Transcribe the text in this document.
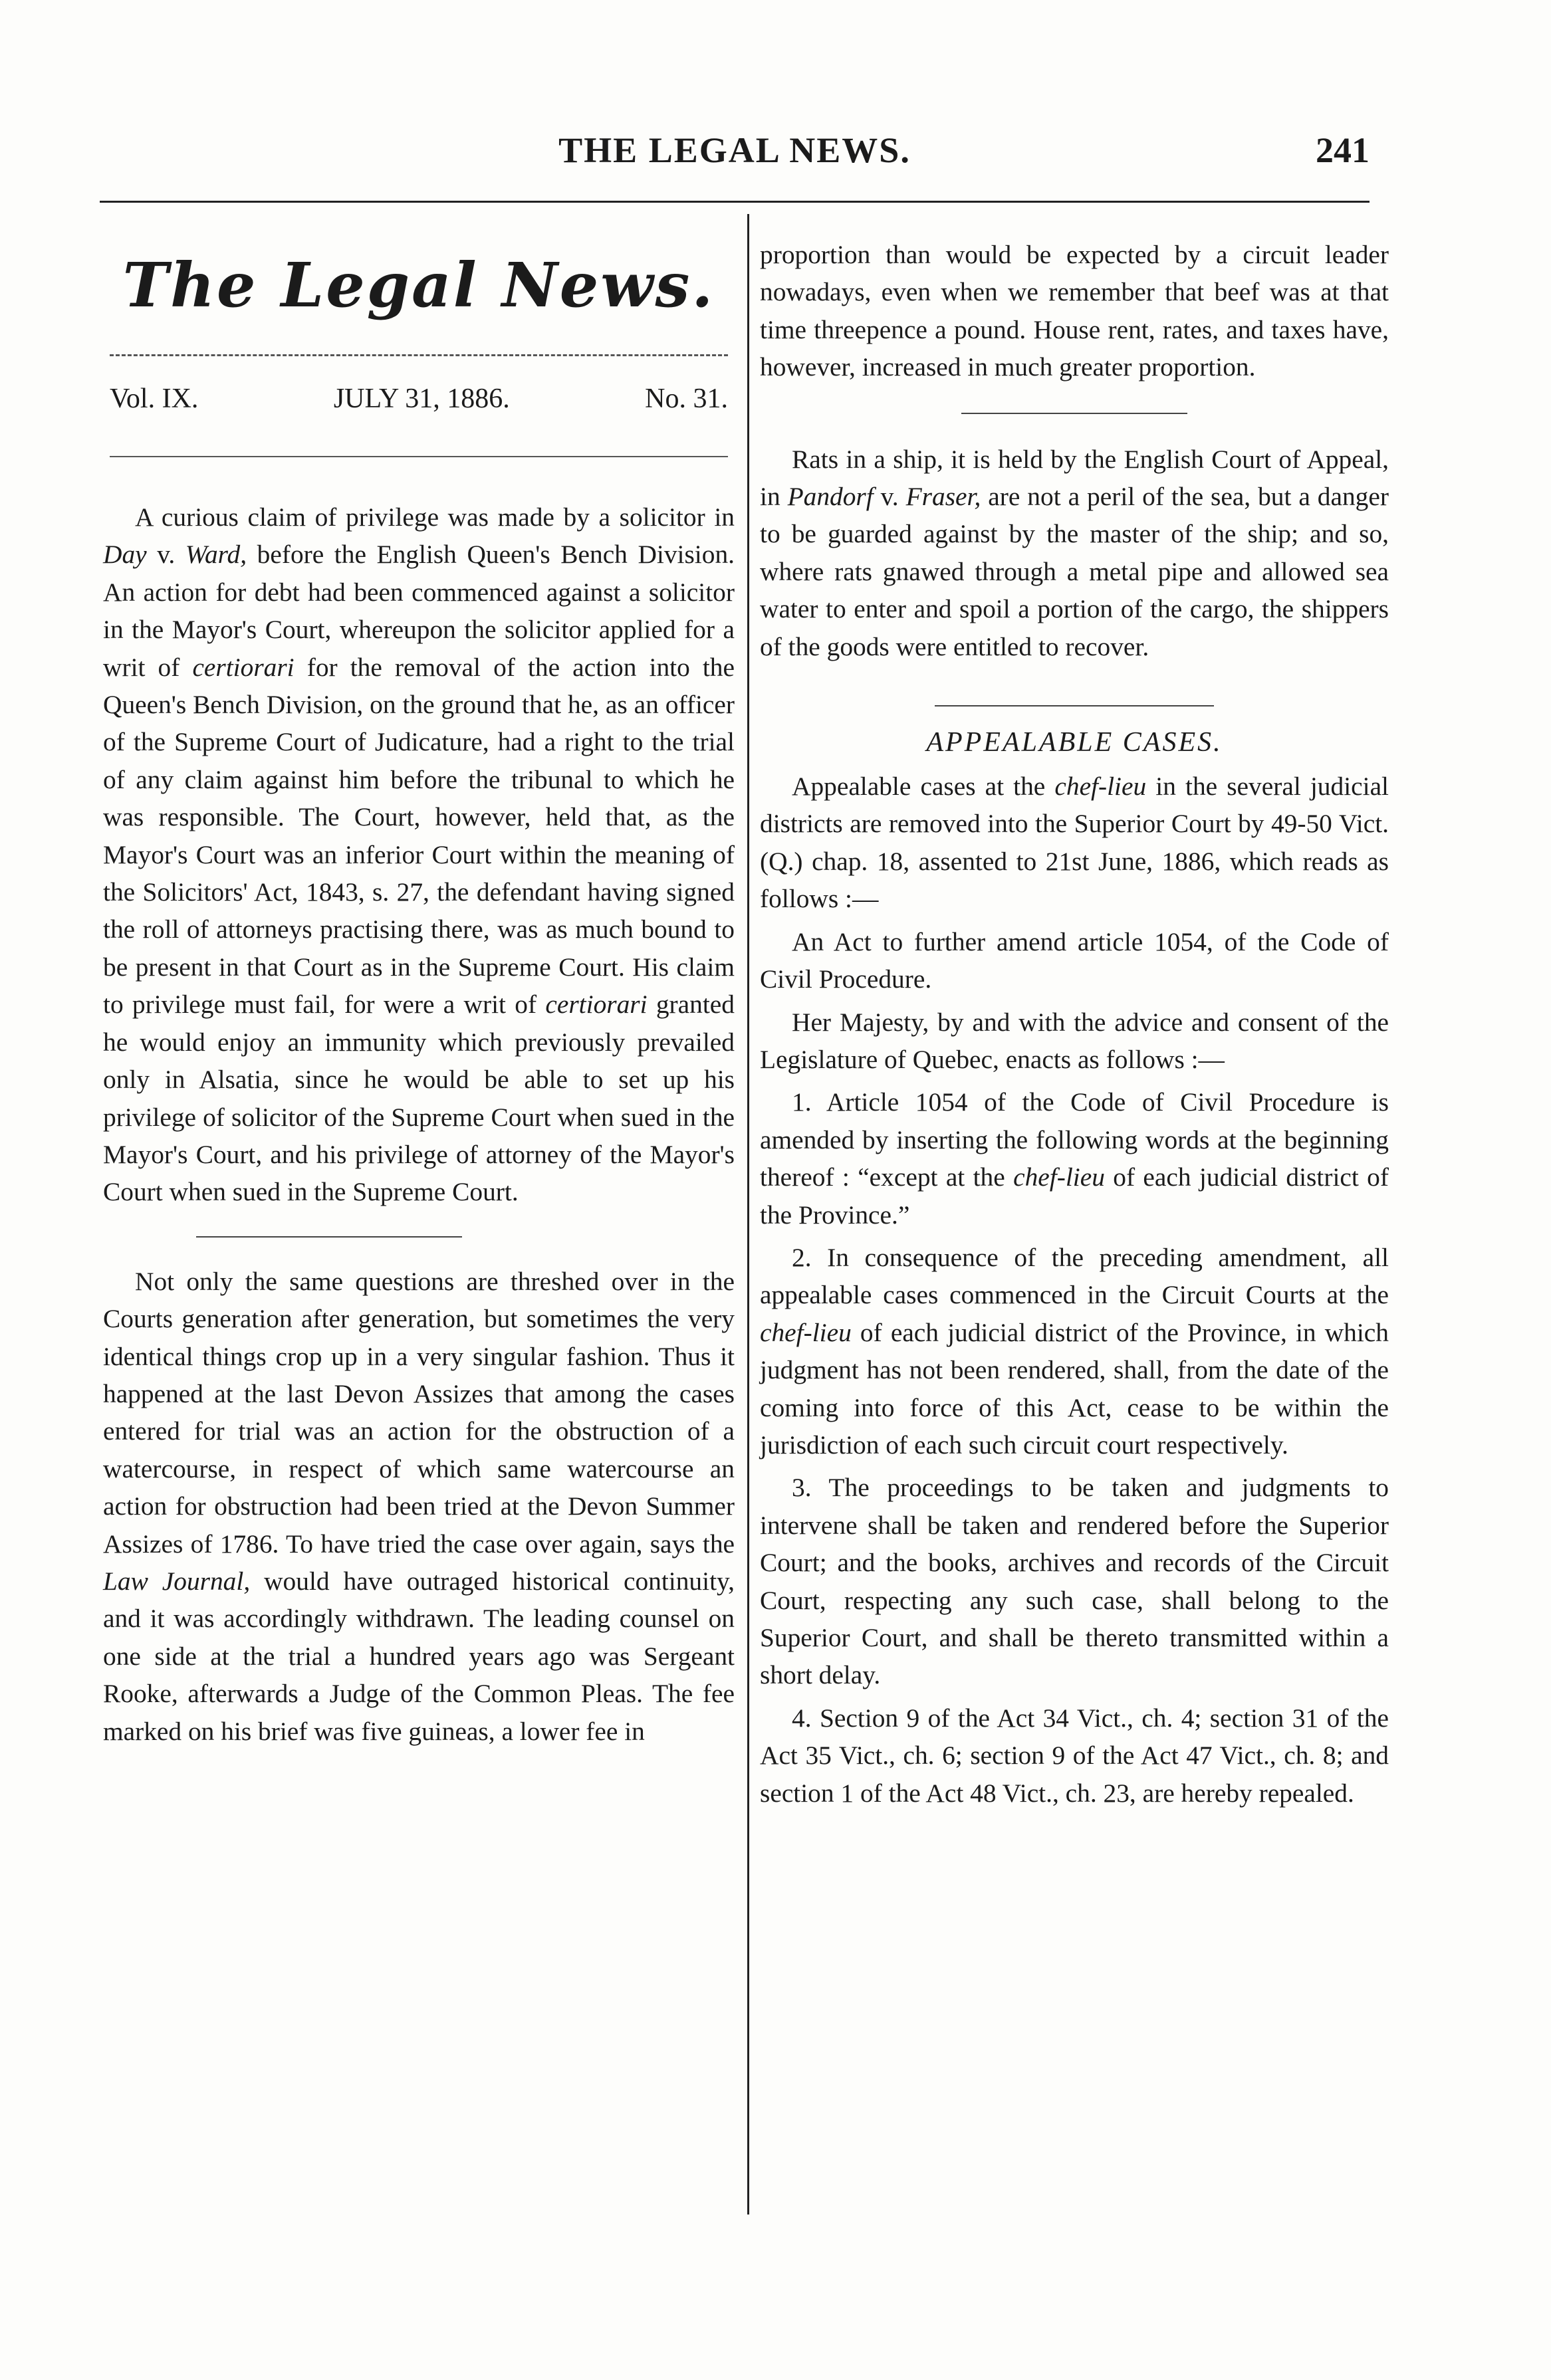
THE LEGAL NEWS.	241
The Legal News.
Vol. IX.	JULY 31, 1886.	No. 31.

A curious claim of privilege was made by a solicitor in Day v. Ward, before the English Queen's Bench Division. An action for debt had been commenced against a solicitor in the Mayor's Court, whereupon the solicitor applied for a writ of certiorari for the removal of the action into the Queen's Bench Division, on the ground that he, as an officer of the Supreme Court of Judicature, had a right to the trial of any claim against him before the tribunal to which he was responsible. The Court, however, held that, as the Mayor's Court was an inferior Court within the meaning of the Solicitors' Act, 1843, s. 27, the defendant having signed the roll of attorneys practising there, was as much bound to be present in that Court as in the Supreme Court. His claim to privilege must fail, for were a writ of certiorari granted he would enjoy an immunity which previously prevailed only in Alsatia, since he would be able to set up his privilege of solicitor of the Supreme Court when sued in the Mayor's Court, and his privilege of attorney of the Mayor's Court when sued in the Supreme Court.

Not only the same questions are threshed over in the Courts generation after generation, but sometimes the very identical things crop up in a very singular fashion. Thus it happened at the last Devon Assizes that among the cases entered for trial was an action for the obstruction of a watercourse, in respect of which same watercourse an action for obstruction had been tried at the Devon Summer Assizes of 1786. To have tried the case over again, says the Law Journal, would have outraged historical continuity, and it was accordingly withdrawn. The leading counsel on one side at the trial a hundred years ago was Sergeant Rooke, afterwards a Judge of the Common Pleas. The fee marked on his brief was five guineas, a lower fee in

proportion than would be expected by a circuit leader nowadays, even when we remember that beef was at that time threepence a pound. House rent, rates, and taxes have, however, increased in much greater proportion.

Rats in a ship, it is held by the English Court of Appeal, in Pandorf v. Fraser, are not a peril of the sea, but a danger to be guarded against by the master of the ship; and so, where rats gnawed through a metal pipe and allowed sea water to enter and spoil a portion of the cargo, the shippers of the goods were entitled to recover.

APPEALABLE CASES.

Appealable cases at the chef-lieu in the several judicial districts are removed into the Superior Court by 49-50 Vict. (Q.) chap. 18, assented to 21st June, 1886, which reads as follows :—

An Act to further amend article 1054, of the Code of Civil Procedure.

Her Majesty, by and with the advice and consent of the Legislature of Quebec, enacts as follows :—

1. Article 1054 of the Code of Civil Procedure is amended by inserting the following words at the beginning thereof : “except at the chef-lieu of each judicial district of the Province.”

2. In consequence of the preceding amendment, all appealable cases commenced in the Circuit Courts at the chef-lieu of each judicial district of the Province, in which judgment has not been rendered, shall, from the date of the coming into force of this Act, cease to be within the jurisdiction of each such circuit court respectively.

3. The proceedings to be taken and judgments to intervene shall be taken and rendered before the Superior Court; and the books, archives and records of the Circuit Court, respecting any such case, shall belong to the Superior Court, and shall be thereto transmitted within a short delay.

4. Section 9 of the Act 34 Vict., ch. 4; section 31 of the Act 35 Vict., ch. 6; section 9 of the Act 47 Vict., ch. 8; and section 1 of the Act 48 Vict., ch. 23, are hereby repealed.
